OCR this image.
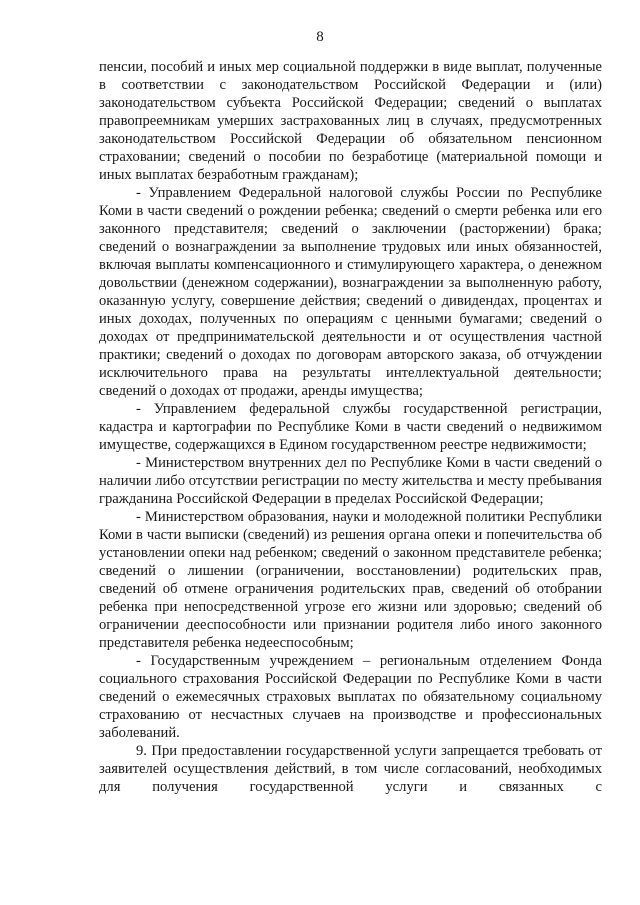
8

пенсии, пособий и иных мер социальной поддержки в виде выплат, полученные в соответствии с законодательством Российской Федерации и (или) законодательством субъекта Российской Федерации; сведений о выплатах правопреемникам умерших застрахованных лиц в случаях, предусмотренных законодательством Российской Федерации об обязательном пенсионном страховании; сведений о пособии по безработице (материальной помощи и иных выплатах безработным гражданам);

- Управлением Федеральной налоговой службы России по Республике Коми в части сведений о рождении ребенка; сведений о смерти ребенка или его законного представителя; сведений о заключении (расторжении) брака; сведений о вознаграждении за выполнение трудовых или иных обязанностей, включая выплаты компенсационного и стимулирующего характера, о денежном довольствии (денежном содержании), вознаграждении за выполненную работу, оказанную услугу, совершение действия; сведений о дивидендах, процентах и иных доходах, полученных по операциям с ценными бумагами; сведений о доходах от предпринимательской деятельности и от осуществления частной практики; сведений о доходах по договорам авторского заказа, об отчуждении исключительного права на результаты интеллектуальной деятельности; сведений о доходах от продажи, аренды имущества;

- Управлением федеральной службы государственной регистрации, кадастра и картографии по Республике Коми в части сведений о недвижимом имуществе, содержащихся в Едином государственном реестре недвижимости;

- Министерством внутренних дел по Республике Коми в части сведений о наличии либо отсутствии регистрации по месту жительства и месту пребывания гражданина Российской Федерации в пределах Российской Федерации;

- Министерством образования, науки и молодежной политики Республики Коми в части выписки (сведений) из решения органа опеки и попечительства об установлении опеки над ребенком; сведений о законном представителе ребенка; сведений о лишении (ограничении, восстановлении) родительских прав, сведений об отмене ограничения родительских прав, сведений об отобрании ребенка при непосредственной угрозе его жизни или здоровью; сведений об ограничении дееспособности или признании родителя либо иного законного представителя ребенка недееспособным;

- Государственным учреждением – региональным отделением Фонда социального страхования Российской Федерации по Республике Коми в части сведений о ежемесячных страховых выплатах по обязательному социальному страхованию от несчастных случаев на производстве и профессиональных заболеваний.

9. При предоставлении государственной услуги запрещается требовать от заявителей осуществления действий, в том числе согласований, необходимых для получения государственной услуги и связанных с
